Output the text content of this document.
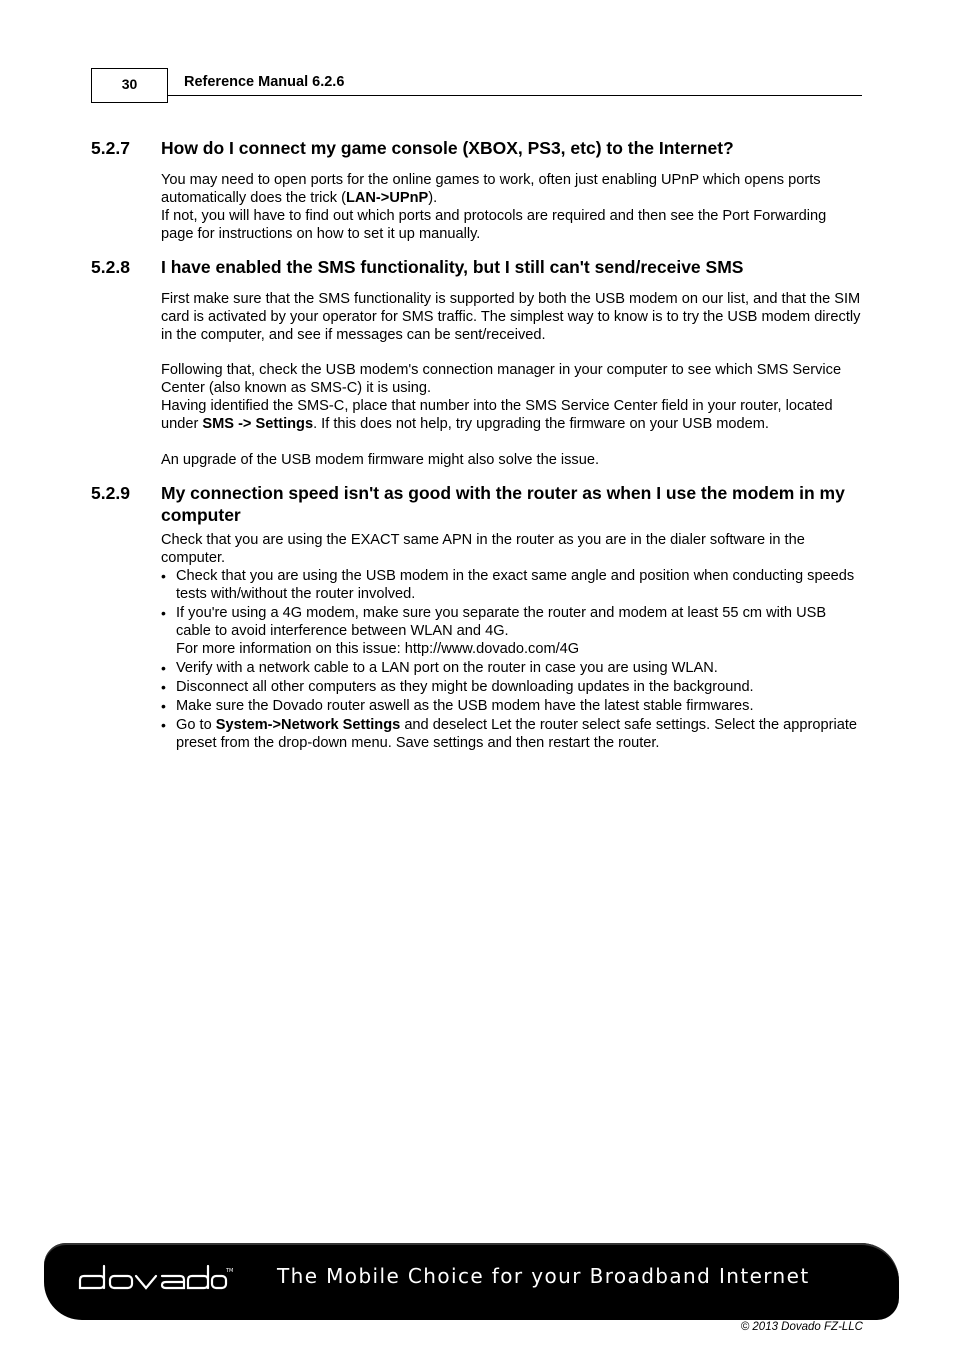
30	Reference Manual 6.2.6
5.2.7 How do I connect my game console (XBOX, PS3, etc) to the Internet?

You may need to open ports for the online games to work, often just enabling UPnP which opens ports automatically does the trick (LAN->UPnP).

If not, you will have to find out which ports and protocols are required and then see the Port Forwarding page for instructions on how to set it up manually.

5.2.8 I have enabled the SMS functionality, but I still can't send/receive SMS

First make sure that the SMS functionality is supported by both the USB modem on our list, and that the SIM card is activated by your operator for SMS traffic. The simplest way to know is to try the USB modem directly in the computer, and see if messages can be sent/received.

Following that, check the USB modem's connection manager in your computer to see which SMS Service Center (also known as SMS-C) it is using.

Having identified the SMS-C, place that number into the SMS Service Center field in your router, located under SMS -> Settings. If this does not help, try upgrading the firmware on your USB modem.

An upgrade of the USB modem firmware might also solve the issue.

5.2.9 My connection speed isn't as good with the router as when I use the modem in my computer

Check that you are using the EXACT same APN in the router as you are in the dialer software in the computer.

• Check that you are using the USB modem in the exact same angle and position when conducting speeds tests with/without the router involved.
• If you're using a 4G modem, make sure you separate the router and modem at least 55 cm with USB cable to avoid interference between WLAN and 4G.
For more information on this issue: http://www.dovado.com/4G
• Verify with a network cable to a LAN port on the router in case you are using WLAN.
• Disconnect all other computers as they might be downloading updates in the background.
• Make sure the Dovado router aswell as the USB modem have the latest stable firmwares.
• Go to System->Network Settings and deselect Let the router select safe settings. Select the appropriate preset from the drop-down menu. Save settings and then restart the router.
TM The Mobile Choice for your Broadband Internet
© 2013 Dovado FZ-LLC
